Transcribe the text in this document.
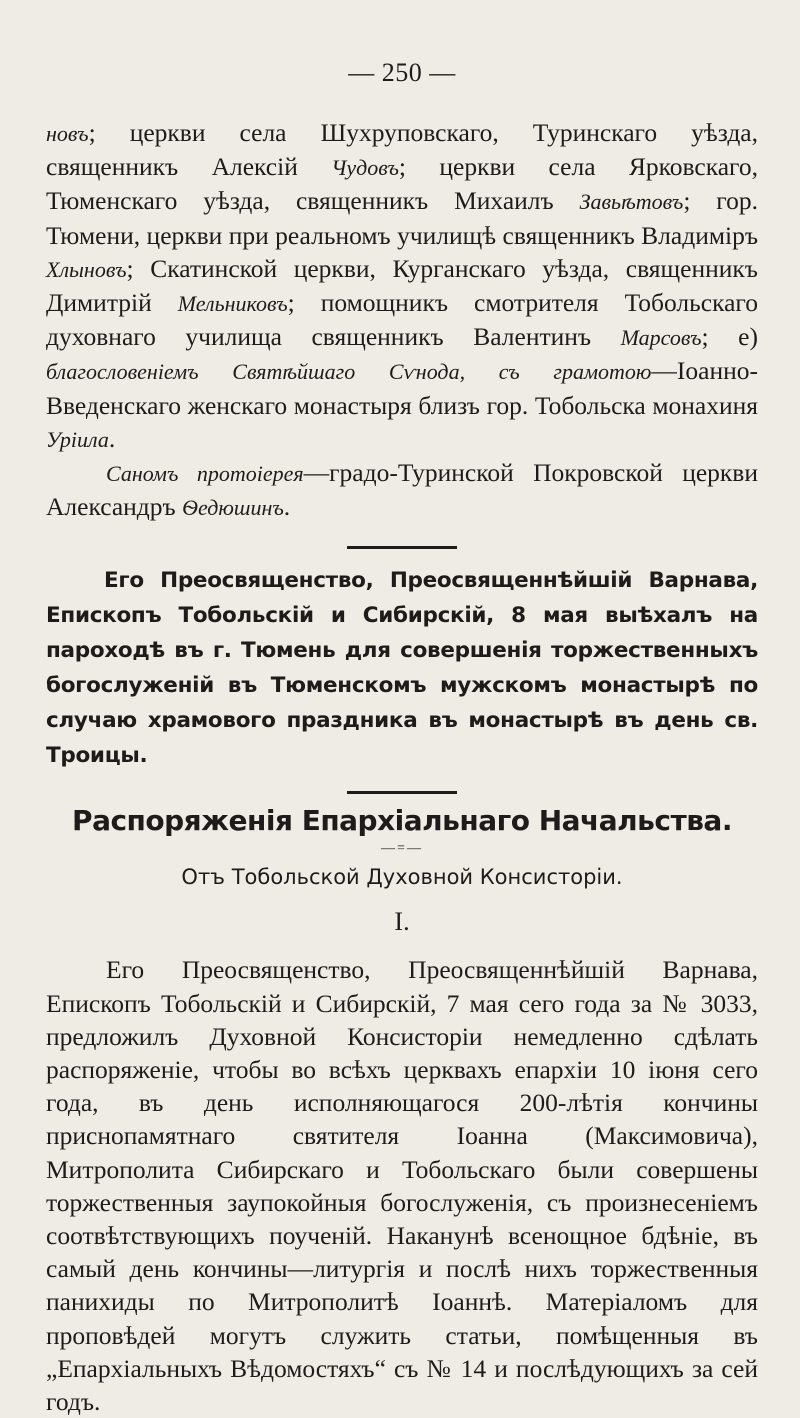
— 250 —

новъ; церкви села Шухруповскаго, Туринскаго уѣзда, священникъ Алексій Чудовъ; церкви села Ярковскаго, Тюменскаго уѣзда, священникъ Михаилъ Завьѣтовъ; гор. Тюмени, церкви при реальномъ училищѣ священникъ Владиміръ Хлыновъ; Скатинской церкви, Курганскаго уѣзда, священникъ Димитрій Мельниковъ; помощникъ смотрителя Тобольскаго духовнаго училища священникъ Валентинъ Марсовъ; е) благословеніемъ Святѣйшаго Сѵнода, съ грамотою—Іоанно-Введенскаго женскаго монастыря близъ гор. Тобольска монахиня Урiила.

Саномъ протоіерея—градо-Туринской Покровской церкви Александръ Ѳедюшинъ.

Его Преосвященство, Преосвященнѣйшій Варнава, Епископъ Тобольскій и Сибирскій, 8 мая выѣхалъ на пароходѣ въ г. Тюмень для совершенія торжественныхъ богослуженій въ Тюменскомъ мужскомъ монастырѣ по случаю храмового праздника въ монастырѣ въ день св. Троицы.

Распоряженія Епархіальнаго Начальства.
—=—
Отъ Тобольской Духовной Консисторіи.
I.

Его Преосвященство, Преосвященнѣйшій Варнава, Епископъ Тобольскій и Сибирскій, 7 мая сего года за № 3033, предложилъ Духовной Консисторіи немедленно сдѣлать распоряженіе, чтобы во всѣхъ церквахъ епархіи 10 іюня сего года, въ день исполняющагося 200-лѣтія кончины приснопамятнаго святителя Іоанна (Максимовича), Митрополита Сибирскаго и Тобольскаго были совершены торжественныя заупокойныя богослуженія, съ произнесеніемъ соотвѣтствующихъ поученій. Наканунѣ всенощное бдѣніе, въ самый день кончины—литургія и послѣ нихъ торжественныя панихиды по Митрополитѣ Іоаннѣ. Матеріаломъ для проповѣдей могутъ служить статьи, помѣщенныя въ „Епархіальныхъ Вѣдомостяхъ“ съ № 14 и послѣдующихъ за сей годъ.
